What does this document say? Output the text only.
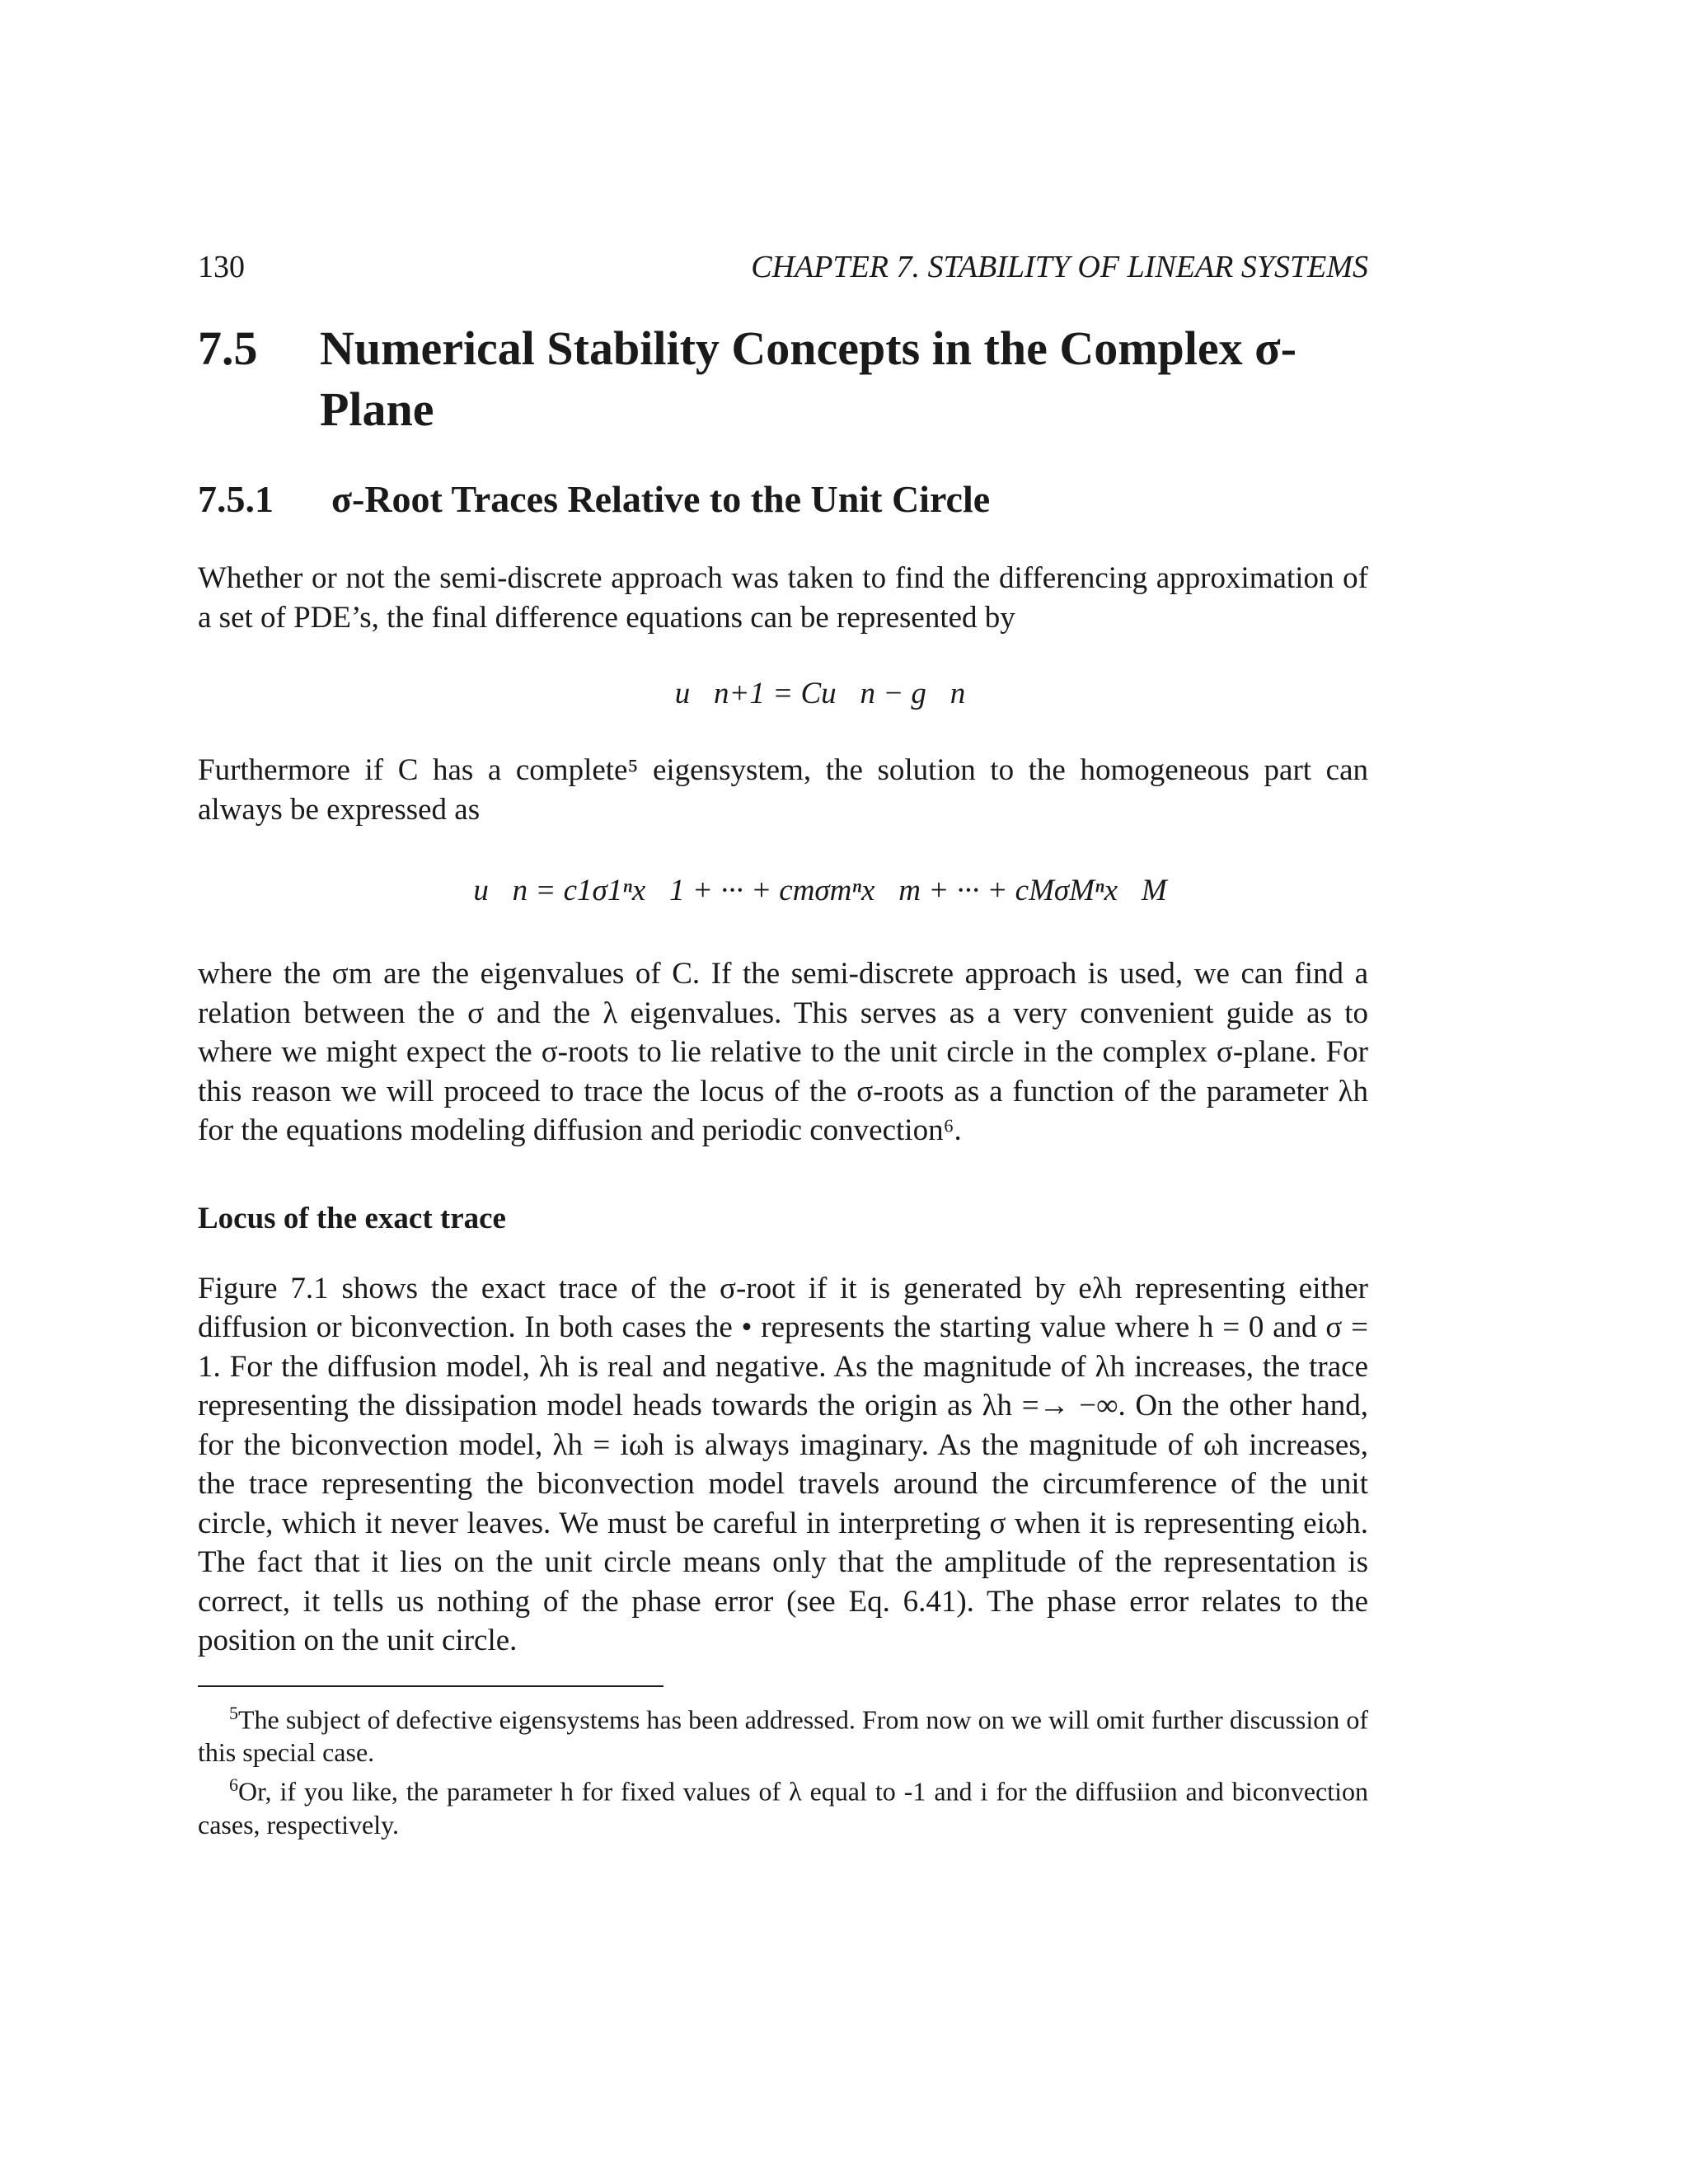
130	CHAPTER 7. STABILITY OF LINEAR SYSTEMS
7.5	Numerical Stability Concepts in the Complex σ-Plane
7.5.1	σ-Root Traces Relative to the Unit Circle

Whether or not the semi-discrete approach was taken to find the differencing approximation of a set of PDE’s, the final difference equations can be represented by

u⃗n+1 = Cu⃗n − g⃗n

Furthermore if C has a complete⁵ eigensystem, the solution to the homogeneous part can always be expressed as

u⃗n = c1σ1ⁿx⃗1 + ··· + cmσmⁿx⃗m + ··· + cMσMⁿx⃗M

where the σm are the eigenvalues of C. If the semi-discrete approach is used, we can find a relation between the σ and the λ eigenvalues. This serves as a very convenient guide as to where we might expect the σ-roots to lie relative to the unit circle in the complex σ-plane. For this reason we will proceed to trace the locus of the σ-roots as a function of the parameter λh for the equations modeling diffusion and periodic convection⁶.

Locus of the exact trace

Figure 7.1 shows the exact trace of the σ-root if it is generated by eλh representing either diffusion or biconvection. In both cases the • represents the starting value where h = 0 and σ = 1. For the diffusion model, λh is real and negative. As the magnitude of λh increases, the trace representing the dissipation model heads towards the origin as λh =→ −∞. On the other hand, for the biconvection model, λh = iωh is always imaginary. As the magnitude of ωh increases, the trace representing the biconvection model travels around the circumference of the unit circle, which it never leaves. We must be careful in interpreting σ when it is representing eiωh. The fact that it lies on the unit circle means only that the amplitude of the representation is correct, it tells us nothing of the phase error (see Eq. 6.41). The phase error relates to the position on the unit circle.

$^5$The subject of defective eigensystems has been addressed. From now on we will omit further discussion of this special case.

$^6$Or, if you like, the parameter h for fixed values of λ equal to -1 and i for the diffusiion and biconvection cases, respectively.
